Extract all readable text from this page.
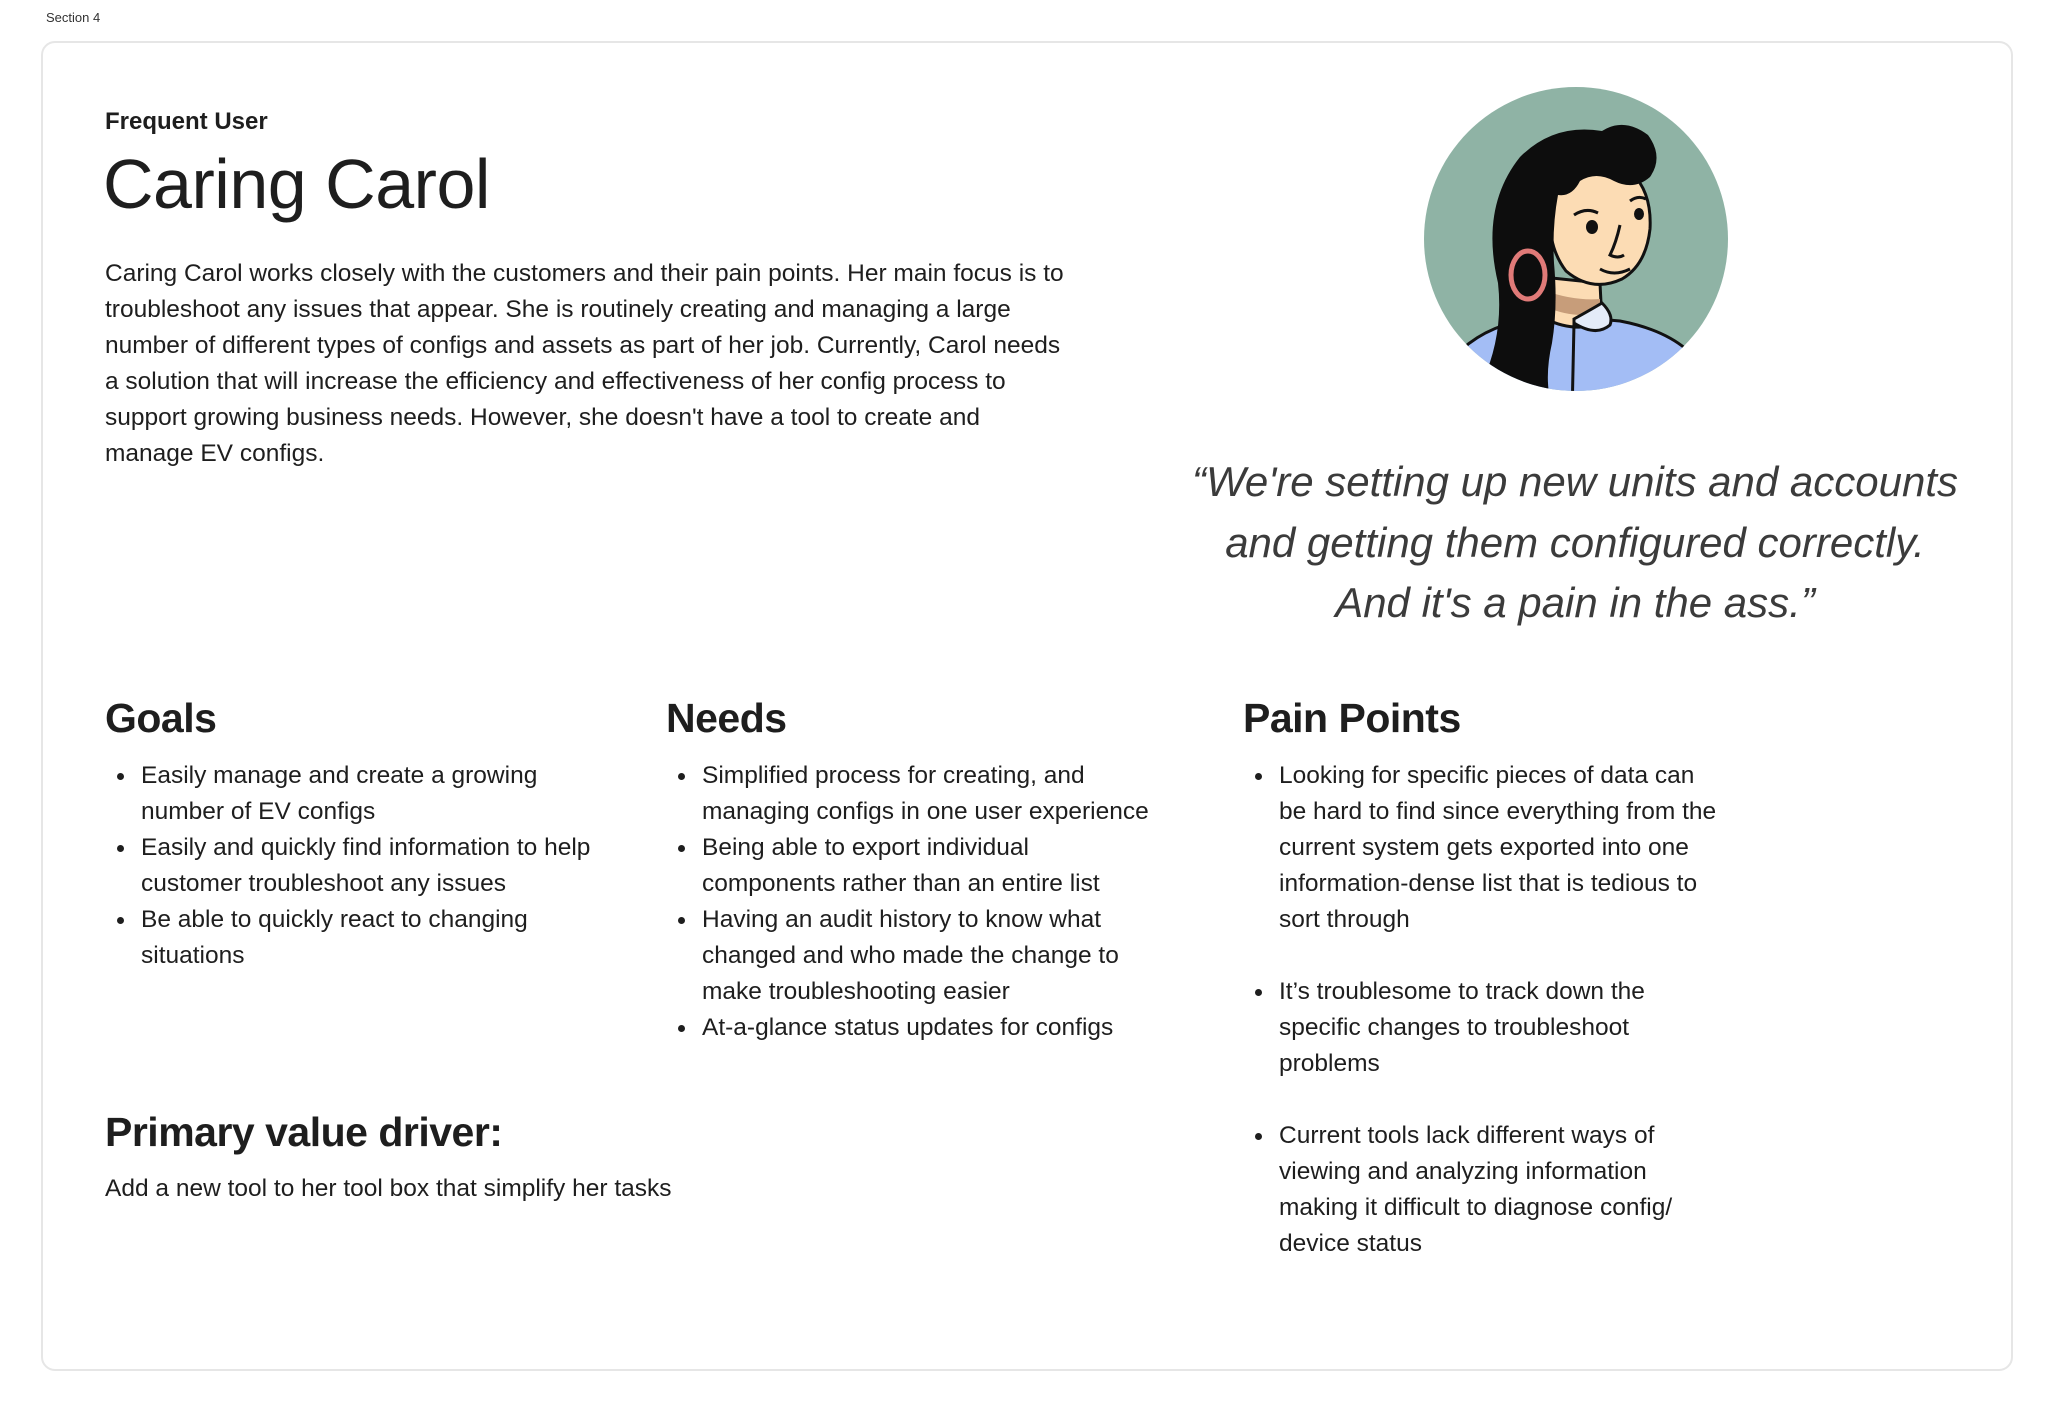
Section 4
Frequent User
Caring Carol

Caring Carol works closely with the customers and their pain points. Her main focus is to troubleshoot any issues that appear. She is routinely creating and managing a large number of different types of configs and assets as part of her job. Currently, Carol needs a solution that will increase the efficiency and effectiveness of her config process to support growing business needs. However, she doesn't have a tool to create and manage EV configs.

“We're setting up new units and accounts and getting them configured correctly. And it's a pain in the ass.”

Goals
Easily manage and create a growing number of EV configs
Easily and quickly find information to help customer troubleshoot any issues
Be able to quickly react to changing situations
Needs
Simplified process for creating, and managing configs in one user experience
Being able to export individual components rather than an entire list
Having an audit history to know what changed and who made the change to make troubleshooting easier
At-a-glance status updates for configs
Pain Points
Looking for specific pieces of data can be hard to find since everything from the current system gets exported into one information-dense list that is tedious to sort through
It’s troublesome to track down the specific changes to troubleshoot problems
Current tools lack different ways of viewing and analyzing information making it difficult to diagnose config/ device status
Primary value driver:
Add a new tool to her tool box that simplify her tasks
